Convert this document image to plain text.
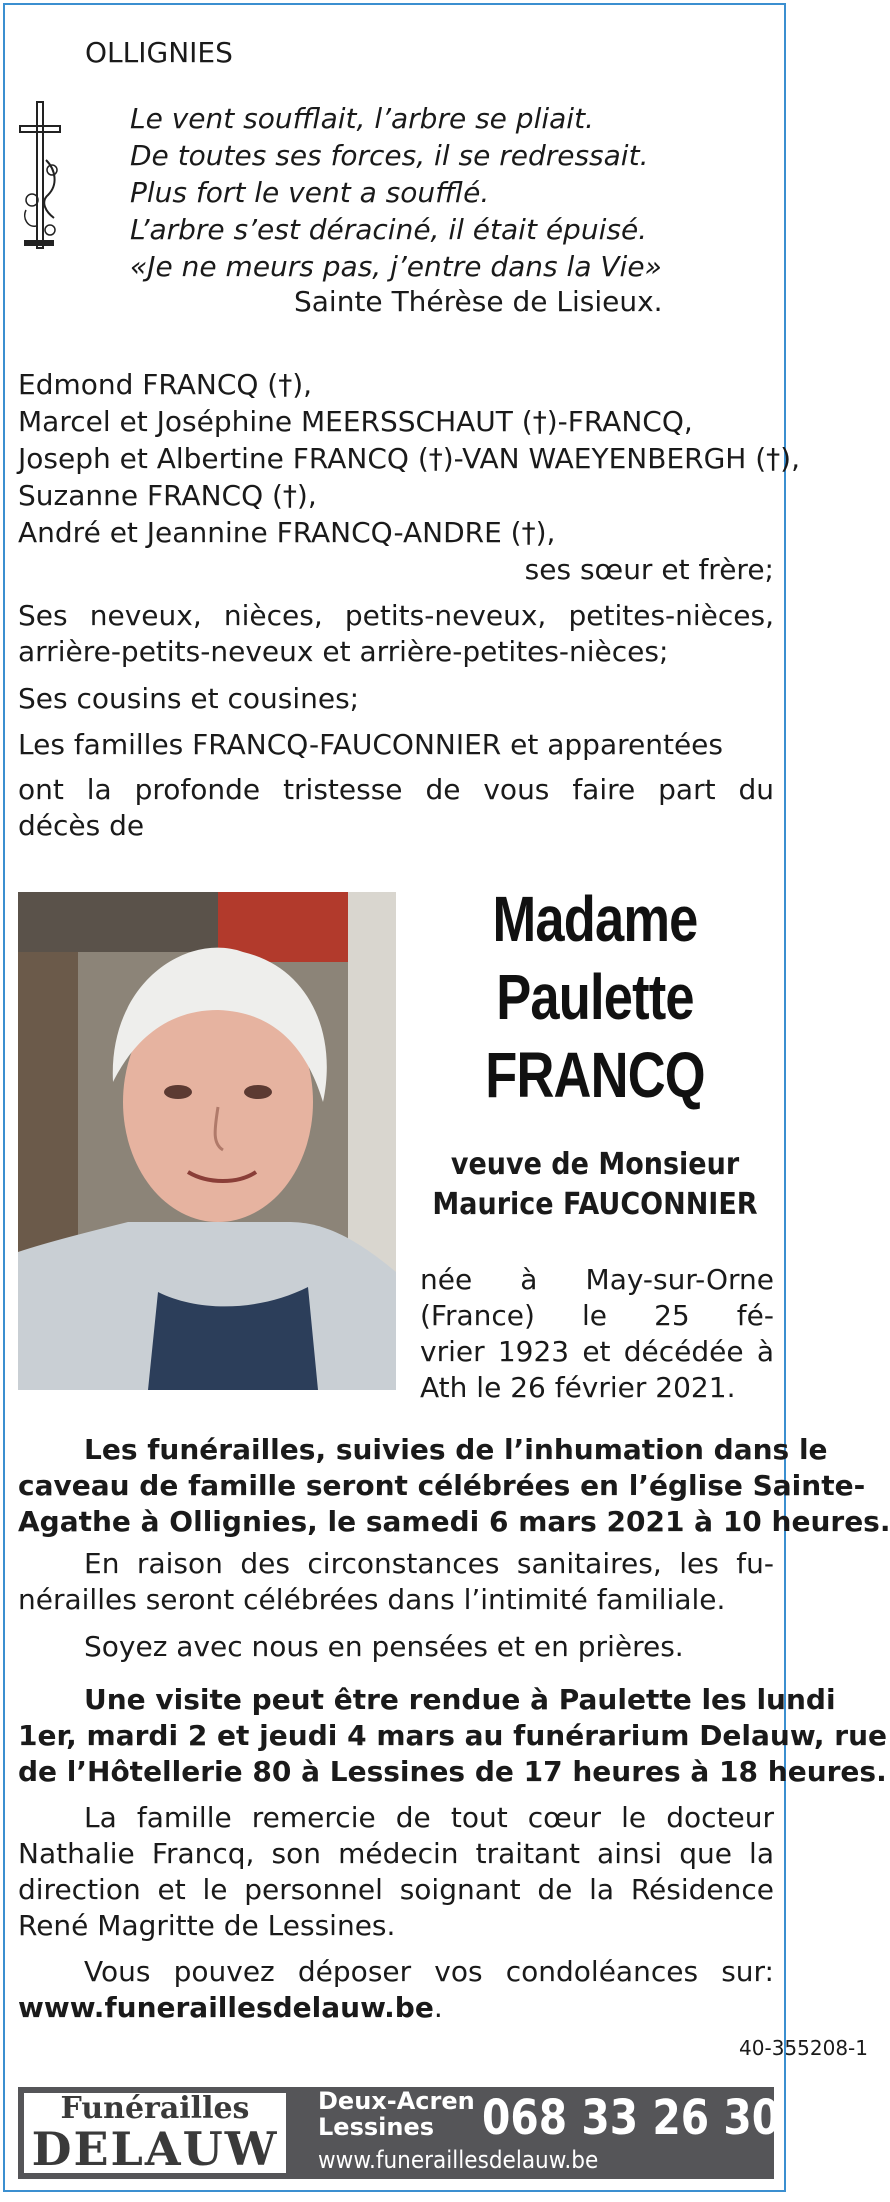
OLLIGNIES
Le vent soufflait, l’arbre se pliait.
De toutes ses forces, il se redressait.
Plus fort le vent a soufflé.
L’arbre s’est déraciné, il était épuisé.
«Je ne meurs pas, j’entre dans la Vie»
Sainte Thérèse de Lisieux.
Edmond FRANCQ (†),
Marcel et Joséphine MEERSSCHAUT (†)-FRANCQ,
Joseph et Albertine FRANCQ (†)-VAN WAEYENBERGH (†),
Suzanne FRANCQ (†),
André et Jeannine FRANCQ-ANDRE (†),
ses sœur et frère;
Ses neveux, nièces, petits-neveux, petites-nièces,
arrière-petits-neveux et arrière-petites-nièces;
Ses cousins et cousines;
Les familles FRANCQ-FAUCONNIER et apparentées
ont la profonde tristesse de vous faire part du
décès de
Madame
Paulette
FRANCQ
veuve de Monsieur
Maurice FAUCONNIER
née à May-sur-Orne
(France) le 25 fé-
vrier 1923 et décédée à
Ath le 26 février 2021.
Les funérailles, suivies de l’inhumation dans le
caveau de famille seront célébrées en l’église Sainte-
Agathe à Ollignies, le samedi 6 mars 2021 à 10 heures.
En raison des circonstances sanitaires, les fu-
nérailles seront célébrées dans l’intimité familiale.
Soyez avec nous en pensées et en prières.
Une visite peut être rendue à Paulette les lundi
1er, mardi 2 et jeudi 4 mars au funérarium Delauw, rue
de l’Hôtellerie 80 à Lessines de 17 heures à 18 heures.
La famille remercie de tout cœur le docteur
Nathalie Francq, son médecin traitant ainsi que la
direction et le personnel soignant de la Résidence
René Magritte de Lessines.
Vous pouvez déposer vos condoléances sur:
www.funeraillesdelauw.be.
40-355208-1
Funérailles
DELAUW
Deux-Acren
Lessines 068 33 26 30
www.funeraillesdelauw.be
